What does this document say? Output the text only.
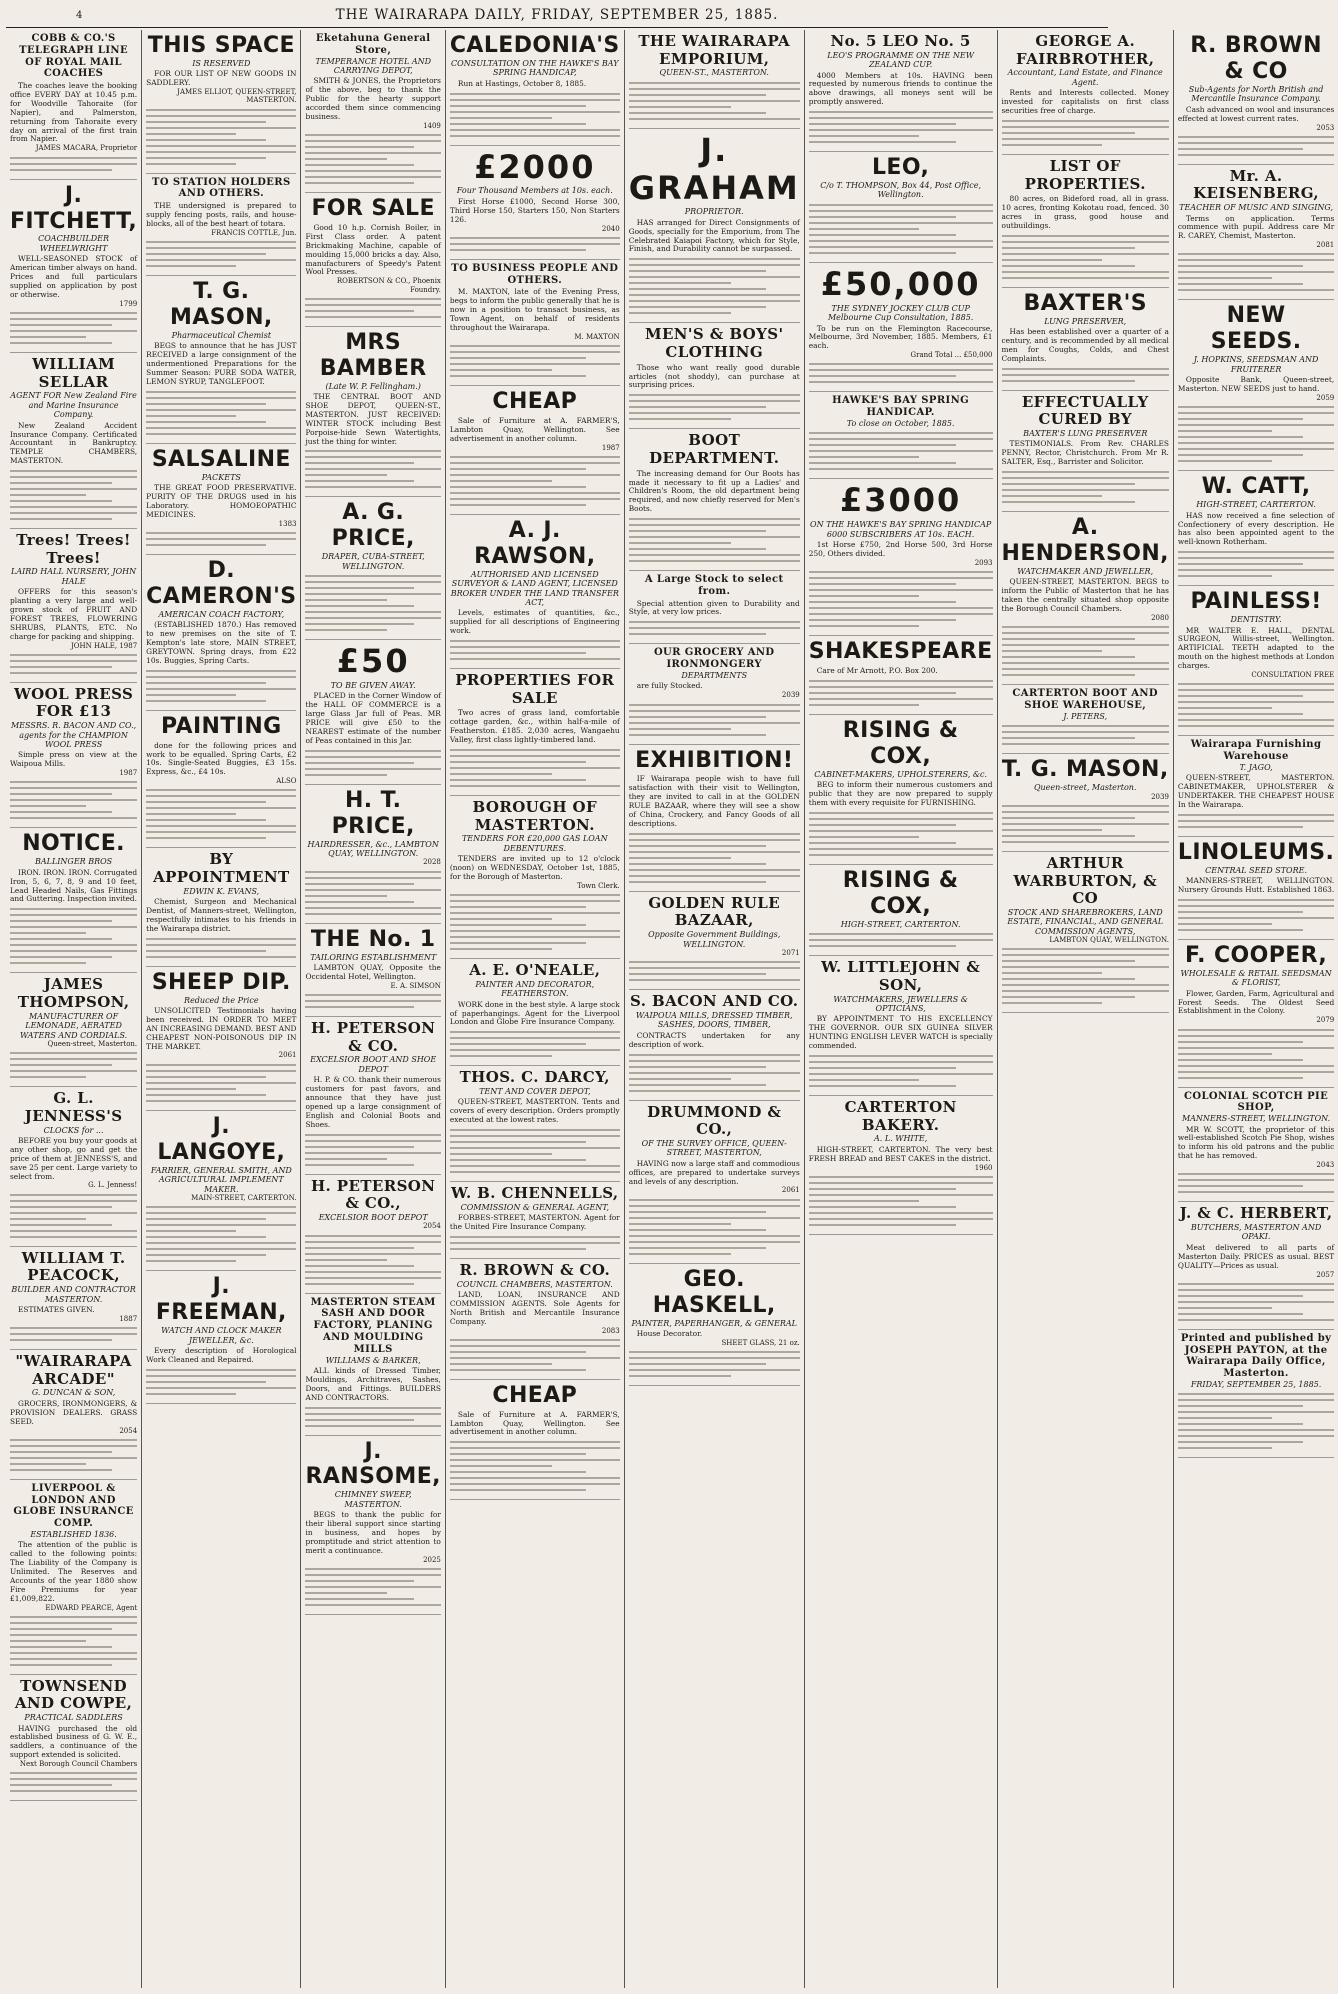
4	THE WAIRARAPA DAILY, FRIDAY, SEPTEMBER 25, 1885.
COBB & CO.'S TELEGRAPH LINE OF ROYAL MAIL COACHES

The coaches leave the booking office EVERY DAY at 10.45 p.m. for Woodville Tahoraite (for Napier), and Palmerston, returning from Tahoraite every day on arrival of the first train from Napier.

JAMES MACARA, Proprietor
J. FITCHETT,
COACHBUILDER WHEELWRIGHT

WELL-SEASONED STOCK of American timber always on hand. Prices and full particulars supplied on application by post or otherwise.

1799
WILLIAM SELLAR
AGENT FOR New Zealand Fire and Marine Insurance Company.

New Zealand Accident Insurance Company. Certificated Accountant in Bankruptcy. TEMPLE CHAMBERS, MASTERTON.

Trees! Trees! Trees!
LAIRD HALL NURSERY, JOHN HALE

OFFERS for this season's planting a very large and well-grown stock of FRUIT AND FOREST TREES, FLOWERING SHRUBS, PLANTS, ETC. No charge for packing and shipping.

JOHN HALE, 1987
WOOL PRESS FOR £13
MESSRS. R. BACON AND CO., agents for the CHAMPION WOOL PRESS

Simple press on view at the Waipoua Mills.

1987
NOTICE.
BALLINGER BROS

IRON. IRON. IRON. Corrugated Iron, 5, 6, 7, 8, 9 and 10 feet, Lead Headed Nails, Gas Fittings and Guttering. Inspection invited.

JAMES THOMPSON,
MANUFACTURER OF LEMONADE, AERATED WATERS AND CORDIALS.
Queen-street, Masterton.
G. L. JENNESS'S
CLOCKS for ...

BEFORE you buy your goods at any other shop, go and get the price of them at JENNESS'S, and save 25 per cent. Large variety to select from.

G. L. Jenness!
WILLIAM T. PEACOCK,
BUILDER AND CONTRACTOR MASTERTON.

ESTIMATES GIVEN.

1887
"WAIRARAPA ARCADE"
G. DUNCAN & SON,

GROCERS, IRONMONGERS, & PROVISION DEALERS. GRASS SEED.

2054
LIVERPOOL & LONDON AND GLOBE INSURANCE COMP.
ESTABLISHED 1836.

The attention of the public is called to the following points: The Liability of the Company is Unlimited. The Reserves and Accounts of the year 1880 show Fire Premiums for year £1,009,822.

EDWARD PEARCE, Agent
TOWNSEND AND COWPE,
PRACTICAL SADDLERS

HAVING purchased the old established business of G. W. E., saddlers, a continuance of the support extended is solicited.

Next Borough Council Chambers
THIS SPACE
IS RESERVED

FOR OUR LIST OF NEW GOODS IN SADDLERY.

JAMES ELLIOT, QUEEN-STREET, MASTERTON.
TO STATION HOLDERS AND OTHERS.

THE undersigned is prepared to supply fencing posts, rails, and house-blocks, all of the best heart of totara.

FRANCIS COTTLE, Jun.
T. G. MASON,
Pharmaceutical Chemist

BEGS to announce that he has JUST RECEIVED a large consignment of the undermentioned Preparations for the Summer Season: PURE SODA WATER, LEMON SYRUP, TANGLEFOOT.

SALSALINE
PACKETS

THE GREAT FOOD PRESERVATIVE. PURITY OF THE DRUGS used in his Laboratory. HOMOEOPATHIC MEDICINES.

1383
D. CAMERON'S
AMERICAN COACH FACTORY,

(ESTABLISHED 1870.) Has removed to new premises on the site of T. Kempton's late store, MAIN STREET, GREYTOWN. Spring drays, from £22 10s. Buggies, Spring Carts.

PAINTING

done for the following prices and work to be equalled. Spring Carts, £2 10s. Single-Seated Buggies, £3 15s. Express, &c., £4 10s.

ALSO
BY APPOINTMENT
EDWIN K. EVANS,

Chemist, Surgeon and Mechanical Dentist, of Manners-street, Wellington, respectfully intimates to his friends in the Wairarapa district.

SHEEP DIP.
Reduced the Price

UNSOLICITED Testimonials having been received. IN ORDER TO MEET AN INCREASING DEMAND. BEST AND CHEAPEST NON-POISONOUS DIP IN THE MARKET.

2061
J. LANGOYE,
FARRIER, GENERAL SMITH, AND AGRICULTURAL IMPLEMENT MAKER.
MAIN-STREET, CARTERTON.
J. FREEMAN,
WATCH AND CLOCK MAKER JEWELLER, &c.

Every description of Horological Work Cleaned and Repaired.

Eketahuna General Store,
TEMPERANCE HOTEL AND CARRYING DEPOT,

SMITH & JONES, the Proprietors of the above, beg to thank the Public for the hearty support accorded them since commencing business.

1409
FOR SALE

Good 10 h.p. Cornish Boiler, in First Class order. A patent Brickmaking Machine, capable of moulding 15,000 bricks a day. Also, manufacturers of Speedy's Patent Wool Presses.

ROBERTSON & CO., Phoenix Foundry.
MRS BAMBER
(Late W. P. Fellingham.)

THE CENTRAL BOOT AND SHOE DEPOT, QUEEN-ST., MASTERTON. JUST RECEIVED: WINTER STOCK including Best Porpoise-hide Sewn Watertights, just the thing for winter.

A. G. PRICE,
DRAPER, CUBA-STREET, WELLINGTON.
£50
TO BE GIVEN AWAY.

PLACED in the Corner Window of the HALL OF COMMERCE is a large Glass Jar full of Peas. MR PRICE will give £50 to the NEAREST estimate of the number of Peas contained in this Jar.

H. T. PRICE,
HAIRDRESSER, &c., LAMBTON QUAY, WELLINGTON.
2028
THE No. 1
TAILORING ESTABLISHMENT

LAMBTON QUAY, Opposite the Occidental Hotel, Wellington.

E. A. SIMSON
H. PETERSON & CO.
EXCELSIOR BOOT AND SHOE DEPOT

H. P. & CO. thank their numerous customers for past favors, and announce that they have just opened up a large consignment of English and Colonial Boots and Shoes.

H. PETERSON & CO.,
EXCELSIOR BOOT DEPOT
2054
MASTERTON STEAM SASH AND DOOR FACTORY, PLANING AND MOULDING MILLS
WILLIAMS & BARKER,

ALL kinds of Dressed Timber, Mouldings, Architraves, Sashes, Doors, and Fittings. BUILDERS AND CONTRACTORS.

J. RANSOME,
CHIMNEY SWEEP, MASTERTON.

BEGS to thank the public for their liberal support since starting in business, and hopes by promptitude and strict attention to merit a continuance.

2025
CALEDONIA'S
CONSULTATION ON THE HAWKE'S BAY SPRING HANDICAP,

Run at Hastings, October 8, 1885.

£2000
Four Thousand Members at 10s. each.

First Horse £1000, Second Horse 300, Third Horse 150, Starters 150, Non Starters 126.

2040
TO BUSINESS PEOPLE AND OTHERS.

M. MAXTON, late of the Evening Press, begs to inform the public generally that he is now in a position to transact business, as Town Agent, on behalf of residents throughout the Wairarapa.

M. MAXTON
CHEAP

Sale of Furniture at A. FARMER'S, Lambton Quay, Wellington. See advertisement in another column.

1987
A. J. RAWSON,
AUTHORISED AND LICENSED SURVEYOR & LAND AGENT, LICENSED BROKER UNDER THE LAND TRANSFER ACT,

Levels, estimates of quantities, &c., supplied for all descriptions of Engineering work.

PROPERTIES FOR SALE

Two acres of grass land, comfortable cottage garden, &c., within half-a-mile of Featherston. £185. 2,030 acres, Wangaehu Valley, first class lightly-timbered land.

BOROUGH OF MASTERTON.
TENDERS FOR £20,000 GAS LOAN DEBENTURES.

TENDERS are invited up to 12 o'clock (noon) on WEDNESDAY, October 1st, 1885, for the Borough of Masterton.

Town Clerk.
A. E. O'NEALE,
PAINTER AND DECORATOR, FEATHERSTON.

WORK done in the best style. A large stock of paperhangings. Agent for the Liverpool London and Globe Fire Insurance Company.

THOS. C. DARCY,
TENT AND COVER DEPOT,

QUEEN-STREET, MASTERTON. Tents and covers of every description. Orders promptly executed at the lowest rates.

W. B. CHENNELLS,
COMMISSION & GENERAL AGENT,

FORBES-STREET, MASTERTON. Agent for the United Fire Insurance Company.

R. BROWN & CO.
COUNCIL CHAMBERS, MASTERTON.

LAND, LOAN, INSURANCE AND COMMISSION AGENTS. Sole Agents for North British and Mercantile Insurance Company.

2083
CHEAP

Sale of Furniture at A. FARMER'S, Lambton Quay, Wellington. See advertisement in another column.

THE WAIRARAPA EMPORIUM,
QUEEN-ST., MASTERTON.
J. GRAHAM
PROPRIETOR.

HAS arranged for Direct Consignments of Goods, specially for the Emporium, from The Celebrated Kaiapoi Factory, which for Style, Finish, and Durability cannot be surpassed.

MEN'S & BOYS' CLOTHING

Those who want really good durable articles (not shoddy), can purchase at surprising prices.

BOOT DEPARTMENT.

The increasing demand for Our Boots has made it necessary to fit up a Ladies' and Children's Room, the old department being required, and now chiefly reserved for Men's Boots.

A Large Stock to select from.

Special attention given to Durability and Style, at very low prices.

OUR GROCERY AND IRONMONGERY
DEPARTMENTS

are fully Stocked.

2039
EXHIBITION!

IF Wairarapa people wish to have full satisfaction with their visit to Wellington, they are invited to call in at the GOLDEN RULE BAZAAR, where they will see a show of China, Crockery, and Fancy Goods of all descriptions.

GOLDEN RULE BAZAAR,
Opposite Government Buildings, WELLINGTON.
2071
S. BACON AND CO.
WAIPOUA MILLS, DRESSED TIMBER, SASHES, DOORS, TIMBER,

CONTRACTS undertaken for any description of work.

DRUMMOND & CO.,
OF THE SURVEY OFFICE, QUEEN-STREET, MASTERTON,

HAVING now a large staff and commodious offices, are prepared to undertake surveys and levels of any description.

2061
GEO. HASKELL,
PAINTER, PAPERHANGER, & GENERAL

House Decorator.

SHEET GLASS, 21 oz.
No. 5 LEO No. 5
LEO'S PROGRAMME ON THE NEW ZEALAND CUP.

4000 Members at 10s. HAVING been requested by numerous friends to continue the above drawings, all moneys sent will be promptly answered.

LEO,
C/o T. THOMPSON, Box 44, Post Office, Wellington.
£50,000
THE SYDNEY JOCKEY CLUB CUP Melbourne Cup Consultation, 1885.

To be run on the Flemington Racecourse, Melbourne, 3rd November, 1885. Members, £1 each.

Grand Total ... £50,000
HAWKE'S BAY SPRING HANDICAP.
To close on October, 1885.
£3000
ON THE HAWKE'S BAY SPRING HANDICAP 6000 SUBSCRIBERS AT 10s. EACH.

1st Horse £750, 2nd Horse 500, 3rd Horse 250, Others divided.

2093
SHAKESPEARE

Care of Mr Arnott, P.O. Box 200.

RISING & COX,
CABINET-MAKERS, UPHOLSTERERS, &c.

BEG to inform their numerous customers and public that they are now prepared to supply them with every requisite for FURNISHING.

RISING & COX,
HIGH-STREET, CARTERTON.
W. LITTLEJOHN & SON,
WATCHMAKERS, JEWELLERS & OPTICIANS,

BY APPOINTMENT TO HIS EXCELLENCY THE GOVERNOR. OUR SIX GUINEA SILVER HUNTING ENGLISH LEVER WATCH is specially commended.

CARTERTON BAKERY.
A. L. WHITE,

HIGH-STREET, CARTERTON. The very best FRESH BREAD and BEST CAKES in the district.

1960
GEORGE A. FAIRBROTHER,
Accountant, Land Estate, and Finance Agent.

Rents and Interests collected. Money invested for capitalists on first class securities free of charge.

LIST OF PROPERTIES.

80 acres, on Bideford road, all in grass. 10 acres, fronting Kokotau road, fenced. 30 acres in grass, good house and outbuildings.

BAXTER'S
LUNG PRESERVER,

Has been established over a quarter of a century, and is recommended by all medical men for Coughs, Colds, and Chest Complaints.

EFFECTUALLY CURED BY
BAXTER'S LUNG PRESERVER

TESTIMONIALS. From Rev. CHARLES PENNY, Rector, Christchurch. From Mr R. SALTER, Esq., Barrister and Solicitor.

A. HENDERSON,
WATCHMAKER AND JEWELLER,

QUEEN-STREET, MASTERTON. BEGS to inform the Public of Masterton that he has taken the centrally situated shop opposite the Borough Council Chambers.

2080
CARTERTON BOOT AND SHOE WAREHOUSE,
J. PETERS,
T. G. MASON,
Queen-street, Masterton.
2039
ARTHUR WARBURTON, & CO
STOCK AND SHAREBROKERS, LAND ESTATE, FINANCIAL, AND GENERAL COMMISSION AGENTS,
LAMBTON QUAY, WELLINGTON.
R. BROWN & CO
Sub-Agents for North British and Mercantile Insurance Company.

Cash advanced on wool and insurances effected at lowest current rates.

2053
Mr. A. KEISENBERG,
TEACHER OF MUSIC AND SINGING,

Terms on application. Terms commence with pupil. Address care Mr R. CAREY, Chemist, Masterton.

2081
NEW SEEDS.
J. HOPKINS, SEEDSMAN AND FRUITERER

Opposite Bank, Queen-street, Masterton. NEW SEEDS just to hand.

2059
W. CATT,
HIGH-STREET, CARTERTON.

HAS now received a fine selection of Confectionery of every description. He has also been appointed agent to the well-known Rotherham.

PAINLESS!
DENTISTRY.

MR WALTER E. HALL, DENTAL SURGEON, Willis-street, Wellington. ARTIFICIAL TEETH adapted to the mouth on the highest methods at London charges.

CONSULTATION FREE
Wairarapa Furnishing Warehouse
T. JAGO,

QUEEN-STREET, MASTERTON. CABINETMAKER, UPHOLSTERER & UNDERTAKER. THE CHEAPEST HOUSE In the Wairarapa.

LINOLEUMS.
CENTRAL SEED STORE.

MANNERS-STREET, WELLINGTON. Nursery Grounds Hutt. Established 1863.

F. COOPER,
WHOLESALE & RETAIL SEEDSMAN & FLORIST,

Flower, Garden, Farm, Agricultural and Forest Seeds. The Oldest Seed Establishment in the Colony.

2079
COLONIAL SCOTCH PIE SHOP,
MANNERS-STREET, WELLINGTON.

MR W. SCOTT, the proprietor of this well-established Scotch Pie Shop, wishes to inform his old patrons and the public that he has removed.

2043
J. & C. HERBERT,
BUTCHERS, MASTERTON AND OPAKI.

Meat delivered to all parts of Masterton Daily. PRICES as usual. BEST QUALITY—Prices as usual.

2057
Printed and published by JOSEPH PAYTON, at the Wairarapa Daily Office, Masterton.
FRIDAY, SEPTEMBER 25, 1885.
